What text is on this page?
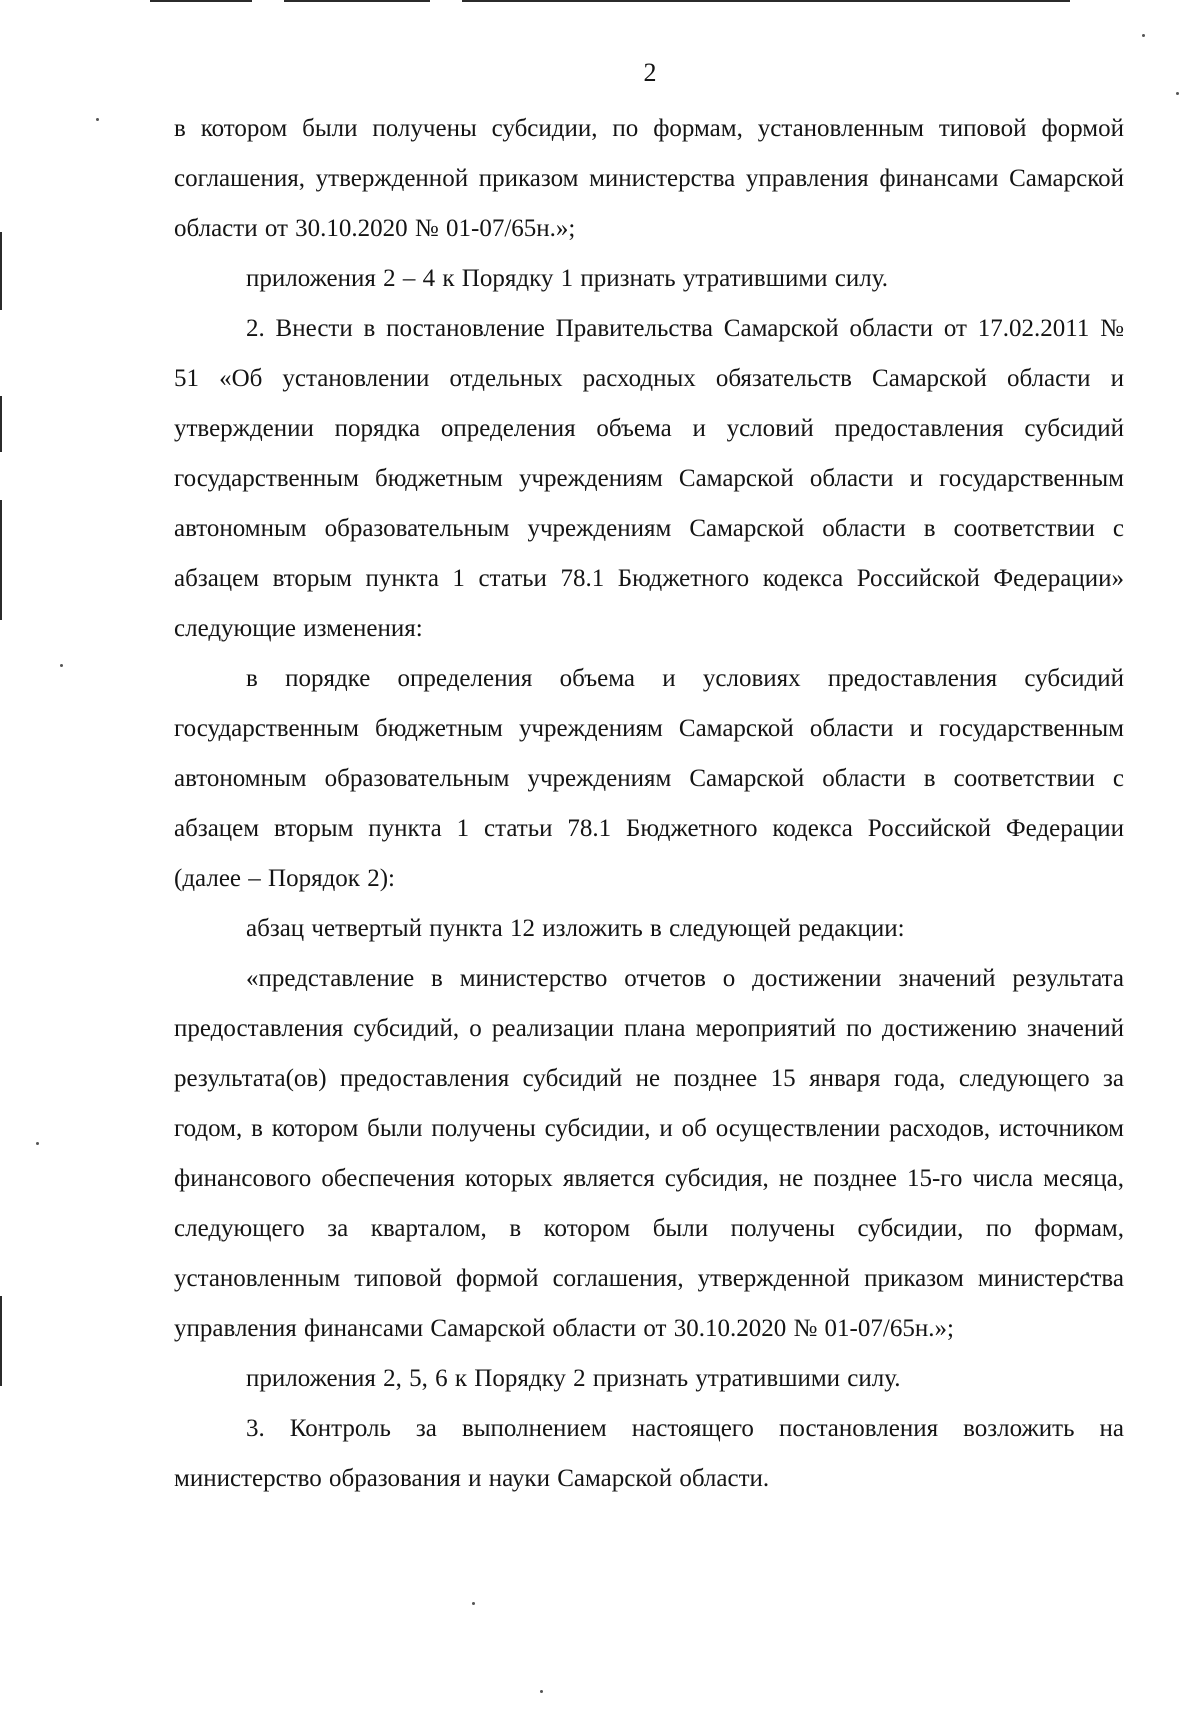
2

в котором были получены субсидии, по формам, установленным типовой формой соглашения, утвержденной приказом министерства управления финансами Самарской области от 30.10.2020 № 01-07/65н.»;

приложения 2 – 4 к Порядку 1 признать утратившими силу.

2. Внести в постановление Правительства Самарской области от 17.02.2011 № 51 «Об установлении отдельных расходных обязательств Самарской области и утверждении порядка определения объема и условий предоставления субсидий государственным бюджетным учреждениям Самарской области и государственным автономным образовательным учреждениям Самарской области в соответствии с абзацем вторым пункта 1 статьи 78.1 Бюджетного кодекса Российской Федерации» следующие изменения:

в порядке определения объема и условиях предоставления субсидий государственным бюджетным учреждениям Самарской области и государственным автономным образовательным учреждениям Самарской области в соответствии с абзацем вторым пункта 1 статьи 78.1 Бюджетного кодекса Российской Федерации (далее – Порядок 2):

абзац четвертый пункта 12 изложить в следующей редакции:

«представление в министерство отчетов о достижении значений результата предоставления субсидий, о реализации плана мероприятий по достижению значений результата(ов) предоставления субсидий не позднее 15 января года, следующего за годом, в котором были получены субсидии, и об осуществлении расходов, источником финансового обеспечения которых является субсидия, не позднее 15-го числа месяца, следующего за кварталом, в котором были получены субсидии, по формам, установленным типовой формой соглашения, утвержденной приказом министерства управления финансами Самарской области от 30.10.2020 № 01-07/65н.»;

приложения 2, 5, 6 к Порядку 2 признать утратившими силу.

3. Контроль за выполнением настоящего постановления возложить на министерство образования и науки Самарской области.
